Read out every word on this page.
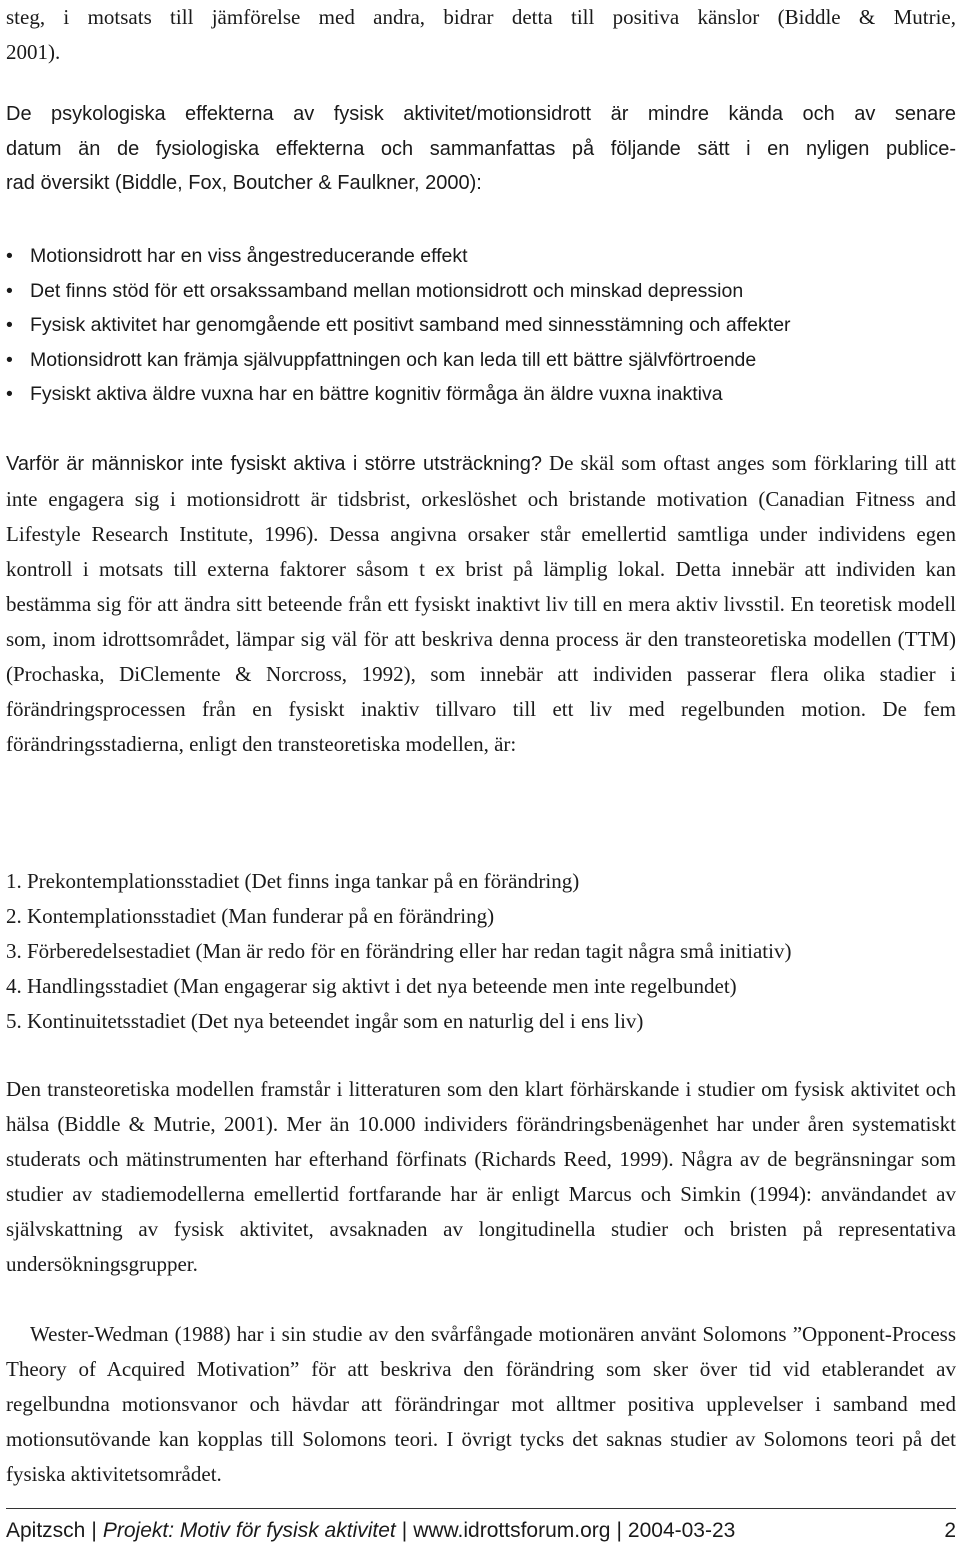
steg, i motsats till jämförelse med andra, bidrar detta till positiva känslor (Biddle & Mutrie,

2001).

De psykologiska effekterna av fysisk aktivitet/motionsidrott är mindre kända och av senare

datum än de fysiologiska effekterna och sammanfattas på följande sätt i en nyligen publice-

rad översikt (Biddle, Fox, Boutcher & Faulkner, 2000):

• Motionsidrott har en viss ångestreducerande effekt
• Det finns stöd för ett orsakssamband mellan motionsidrott och minskad depression
• Fysisk aktivitet har genomgående ett positivt samband med sinnesstämning och affekter
• Motionsidrott kan främja självuppfattningen och kan leda till ett bättre självförtroende
• Fysiskt aktiva äldre vuxna har en bättre kognitiv förmåga än äldre vuxna inaktiva

Varför är människor inte fysiskt aktiva i större utsträckning? De skäl som oftast anges som förklaring till att inte engagera sig i motionsidrott är tidsbrist, orkeslöshet och bristande motivation (Canadian Fitness and Lifestyle Research Institute, 1996). Dessa angivna orsaker står emellertid samtliga under individens egen kontroll i motsats till externa faktorer såsom t ex brist på lämplig lokal. Detta innebär att individen kan bestämma sig för att ändra sitt beteende från ett fysiskt inaktivt liv till en mera aktiv livsstil. En teoretisk modell som, inom idrottsområdet, lämpar sig väl för att beskriva denna process är den transteoretiska modellen (TTM) (Prochaska, DiClemente & Norcross, 1992), som innebär att individen passerar flera olika stadier i förändringsprocessen från en fysiskt inaktiv tillvaro till ett liv med regelbunden motion. De fem förändringsstadierna, enligt den transteoretiska modellen, är:

1. Prekontemplationsstadiet (Det finns inga tankar på en förändring)
2. Kontemplationsstadiet (Man funderar på en förändring)
3. Förberedelsestadiet (Man är redo för en förändring eller har redan tagit några små initiativ)
4. Handlingsstadiet (Man engagerar sig aktivt i det nya beteende men inte regelbundet)
5. Kontinuitetsstadiet (Det nya beteendet ingår som en naturlig del i ens liv)

Den transteoretiska modellen framstår i litteraturen som den klart förhärskande i studier om fysisk aktivitet och hälsa (Biddle & Mutrie, 2001). Mer än 10.000 individers förändringsbenägenhet har under åren systematiskt studerats och mätinstrumenten har efterhand förfinats (Richards Reed, 1999). Några av de begränsningar som studier av stadiemodellerna emellertid fortfarande har är enligt Marcus och Simkin (1994): användandet av självskattning av fysisk aktivitet, avsaknaden av longitudinella studier och bristen på representativa undersökningsgrupper.

Wester-Wedman (1988) har i sin studie av den svårfångade motionären använt Solomons ”Opponent-Process Theory of Acquired Motivation” för att beskriva den förändring som sker över tid vid etablerandet av regelbundna motionsvanor och hävdar att förändringar mot alltmer positiva upplevelser i samband med motionsutövande kan kopplas till Solomons teori. I övrigt tycks det saknas studier av Solomons teori på det fysiska aktivitetsområdet.

Apitzsch | Projekt: Motiv för fysisk aktivitet | www.idrottsforum.org | 2004-03-23	2
